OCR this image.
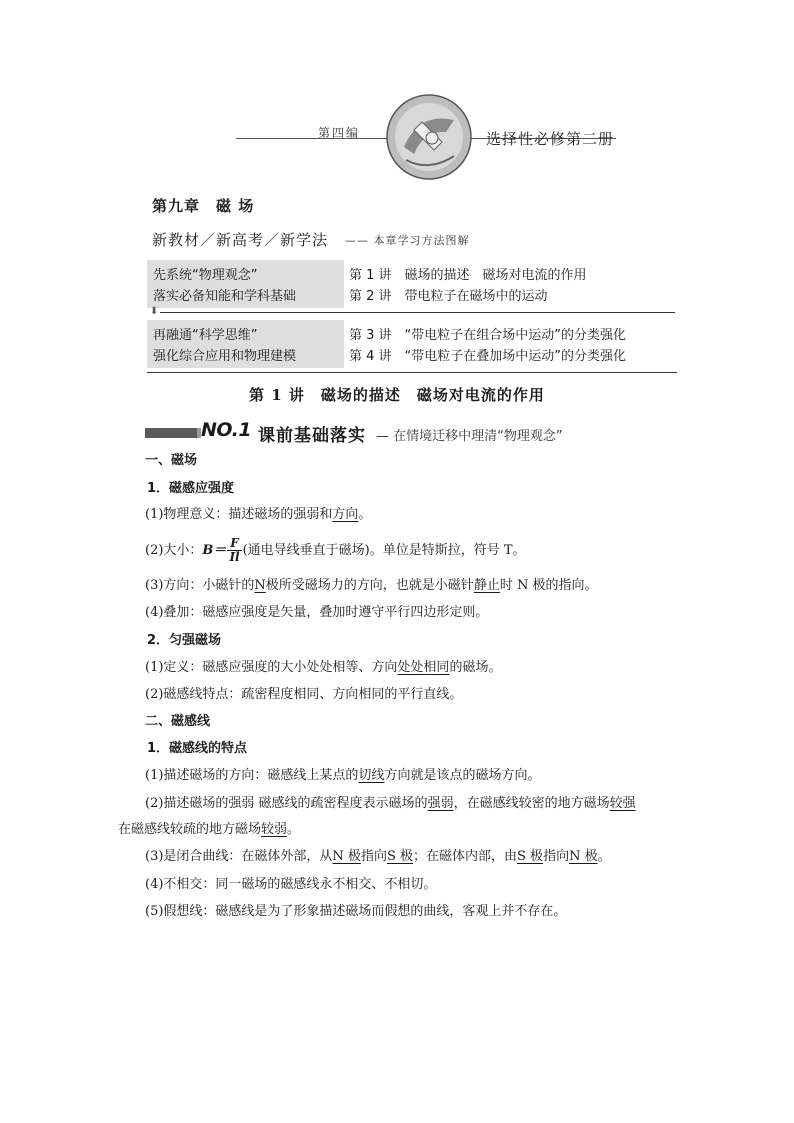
第四编	选择性必修第二册
第九章　磁 场
新教材／新高考／新学法 —— 本章学习方法图解
先系统“物理观念”
落实必备知能和学科基础
第 1 讲　磁场的描述　磁场对电流的作用
第 2 讲　带电粒子在磁场中的运动
⬇
再融通“科学思维”
强化综合应用和物理建模
第 3 讲　“带电粒子在组合场中运动”的分类强化
第 4 讲　“带电粒子在叠加场中运动”的分类强化
第 1 讲　磁场的描述　磁场对电流的作用
NO.1 课前基础落实 — 在情境迁移中理清“物理观念”
一、磁场
1．磁感应强度
(1)物理意义：描述磁场的强弱和方向。
(2)大小：$B= \frac{F}{Il}$ (通电导线垂直于磁场)。单位是特斯拉，符号 T。
(3)方向：小磁针的N极所受磁场力的方向，也就是小磁针静止时 N 极的指向。
(4)叠加：磁感应强度是矢量，叠加时遵守平行四边形定则。
2．匀强磁场
(1)定义：磁感应强度的大小处处相等、方向处处相同的磁场。
(2)磁感线特点：疏密程度相同、方向相同的平行直线。
二、磁感线
1．磁感线的特点
(1)描述磁场的方向：磁感线上某点的切线方向就是该点的磁场方向。
(2)描述磁场的强弱 磁感线的疏密程度表示磁场的强弱，在磁感线较密的地方磁场较强
在磁感线较疏的地方磁场较弱。
(3)是闭合曲线：在磁体外部，从N 极指向S 极；在磁体内部，由S 极指向N 极。
(4)不相交：同一磁场的磁感线永不相交、不相切。
(5)假想线：磁感线是为了形象描述磁场而假想的曲线，客观上并不存在。
